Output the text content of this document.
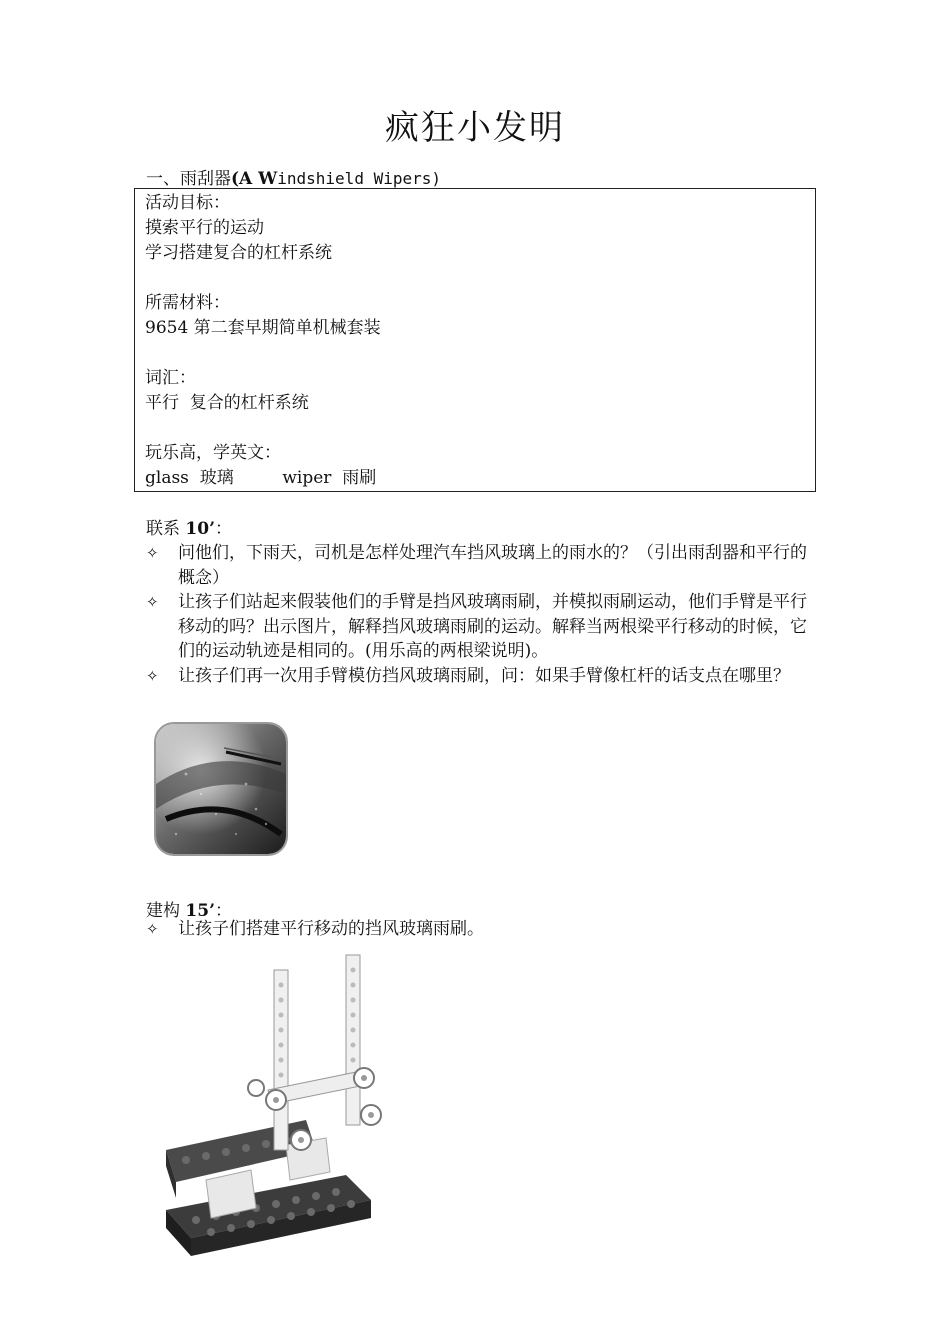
疯狂小发明
一、雨刮器(A Windshield Wipers)
活动目标：
摸索平行的运动
学习搭建复合的杠杆系统
所需材料：
9654 第二套早期简单机械套装
词汇：
平行  复合的杠杆系统
玩乐高，学英文：
glass  玻璃         wiper  雨刷
联系 10’：
✧	问他们，下雨天，司机是怎样处理汽车挡风玻璃上的雨水的？（引出雨刮器和平行的概念）
✧	让孩子们站起来假装他们的手臂是挡风玻璃雨刷，并模拟雨刷运动，他们手臂是平行移动的吗？出示图片，解释挡风玻璃雨刷的运动。解释当两根梁平行移动的时候，它们的运动轨迹是相同的。(用乐高的两根梁说明)。
✧	让孩子们再一次用手臂模仿挡风玻璃雨刷，问：如果手臂像杠杆的话支点在哪里？
建构 15’：
✧	让孩子们搭建平行移动的挡风玻璃雨刷。
